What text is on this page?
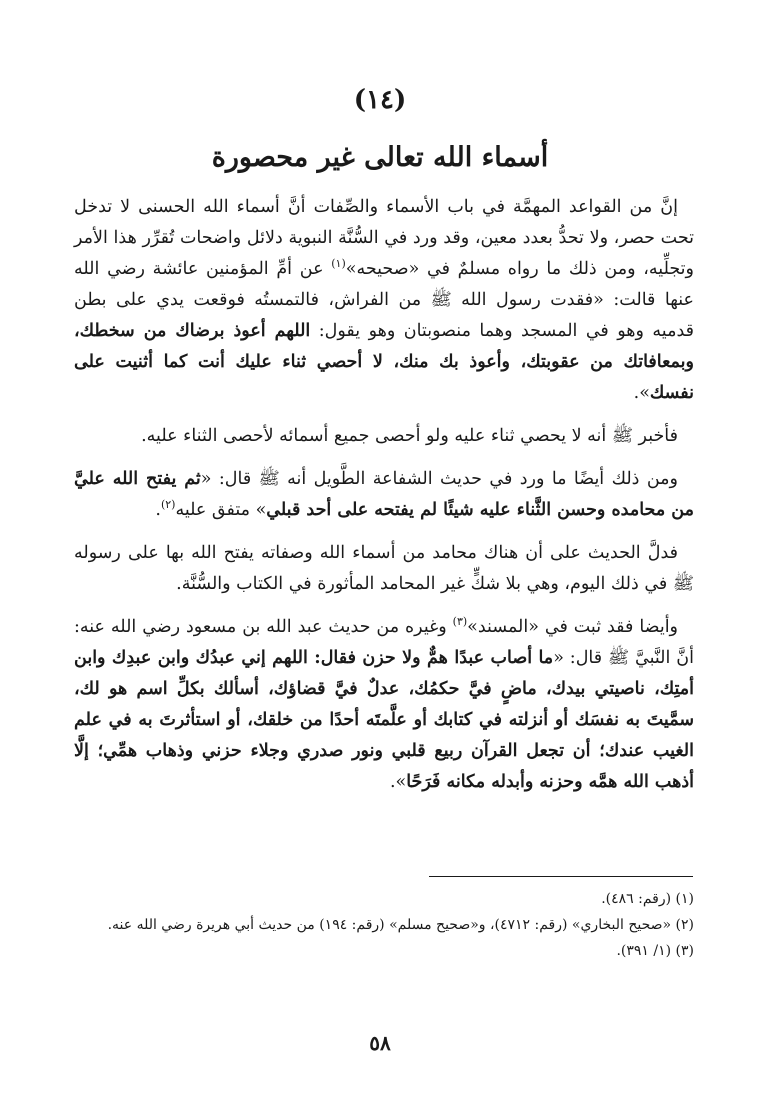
(١٤)
أسماء الله تعالى غير محصورة

إنَّ من القواعد المهمَّة في باب الأسماء والصِّفات أنَّ أسماء الله الحسنى لا تدخل تحت حصر، ولا تحدُّ بعدد معين، وقد ورد في السُّنَّة النبوية دلائل واضحات تُقرِّر هذا الأمر وتجلِّيه، ومن ذلك ما رواه مسلمٌ في «صحيحه»$^{(١)}$ عن أمِّ المؤمنين عائشة رضي الله عنها قالت: «فقدت رسول الله ﷺ من الفراش، فالتمستُه فوقعت يدي على بطن قدميه وهو في المسجد وهما منصوبتان وهو يقول: اللهم أعوذ برضاك من سخطك، وبمعافاتك من عقوبتك، وأعوذ بك منك، لا أحصي ثناء عليك أنت كما أثنيت على نفسك».

فأخبر ﷺ أنه لا يحصي ثناء عليه ولو أحصى جميع أسمائه لأحصى الثناء عليه.

ومن ذلك أيضًا ما ورد في حديث الشفاعة الطَّويل أنه ﷺ قال: «ثم يفتح الله عليَّ من محامده وحسن الثَّناء عليه شيئًا لم يفتحه على أحد قبلي» متفق عليه$^{(٢)}$.

فدلَّ الحديث على أن هناك محامد من أسماء الله وصفاته يفتح الله بها على رسوله ﷺ في ذلك اليوم، وهي بلا شكٍّ غير المحامد المأثورة في الكتاب والسُّنَّة.

وأيضا فقد ثبت في «المسند»$^{(٣)}$ وغيره من حديث عبد الله بن مسعود رضي الله عنه: أنَّ النَّبيَّ ﷺ قال: «ما أصاب عبدًا همٌّ ولا حزن فقال: اللهم إني عبدُك وابن عبدِك وابن أمتِك، ناصيتي بيدك، ماضٍ فيَّ حكمُك، عدلٌ فيَّ قضاؤك، أسألك بكلِّ اسم هو لك، سمَّيتَ به نفسَك أو أنزلته في كتابك أو علَّمتَه أحدًا من خلقك، أو استأثرتَ به في علم الغيب عندك؛ أن تجعل القرآن ربيع قلبي ونور صدري وجلاء حزني وذهاب همِّي؛ إلَّا أذهب الله همَّه وحزنه وأبدله مكانه فَرَحًا».

(١) (رقم: ٤٨٦).
(٢) «صحيح البخاري» (رقم: ٤٧١٢)، و«صحيح مسلم» (رقم: ١٩٤) من حديث أبي هريرة رضي الله عنه.
(٣) (١/ ٣٩١).
٥٨
